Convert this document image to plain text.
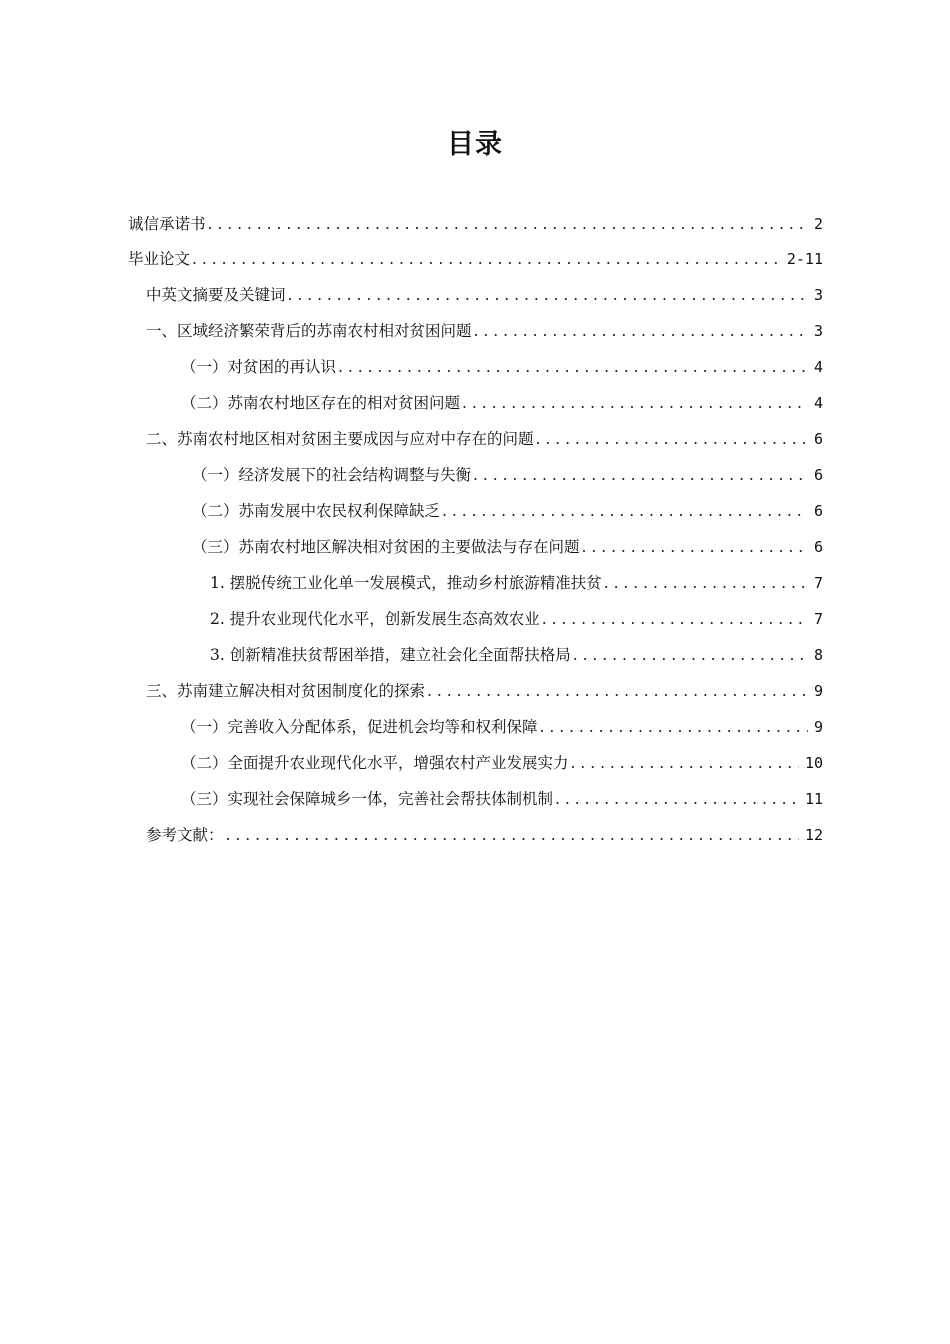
目录
诚信承诺书 . . .	2
毕业论文 . . .	2-11
中英文摘要及关键词 . . .	3
一、区域经济繁荣背后的苏南农村相对贫困问题 . . .	3
（一）对贫困的再认识 . . .	4
（二）苏南农村地区存在的相对贫困问题 . . .	4
二、苏南农村地区相对贫困主要成因与应对中存在的问题 . . .	6
（一）经济发展下的社会结构调整与失衡 . . .	6
（二）苏南发展中农民权利保障缺乏 . . .	6
（三）苏南农村地区解决相对贫困的主要做法与存在问题 . . .	6
1. 摆脱传统工业化单一发展模式，推动乡村旅游精准扶贫 . . .	7
2. 提升农业现代化水平，创新发展生态高效农业 . . .	7
3. 创新精准扶贫帮困举措，建立社会化全面帮扶格局 . . .	8
三、苏南建立解决相对贫困制度化的探索 . . .	9
（一）完善收入分配体系，促进机会均等和权利保障 . . .	9
（二）全面提升农业现代化水平，增强农村产业发展实力 . . .	10
（三）实现社会保障城乡一体，完善社会帮扶体制机制 . . .	11
参考文献： . . .	12
